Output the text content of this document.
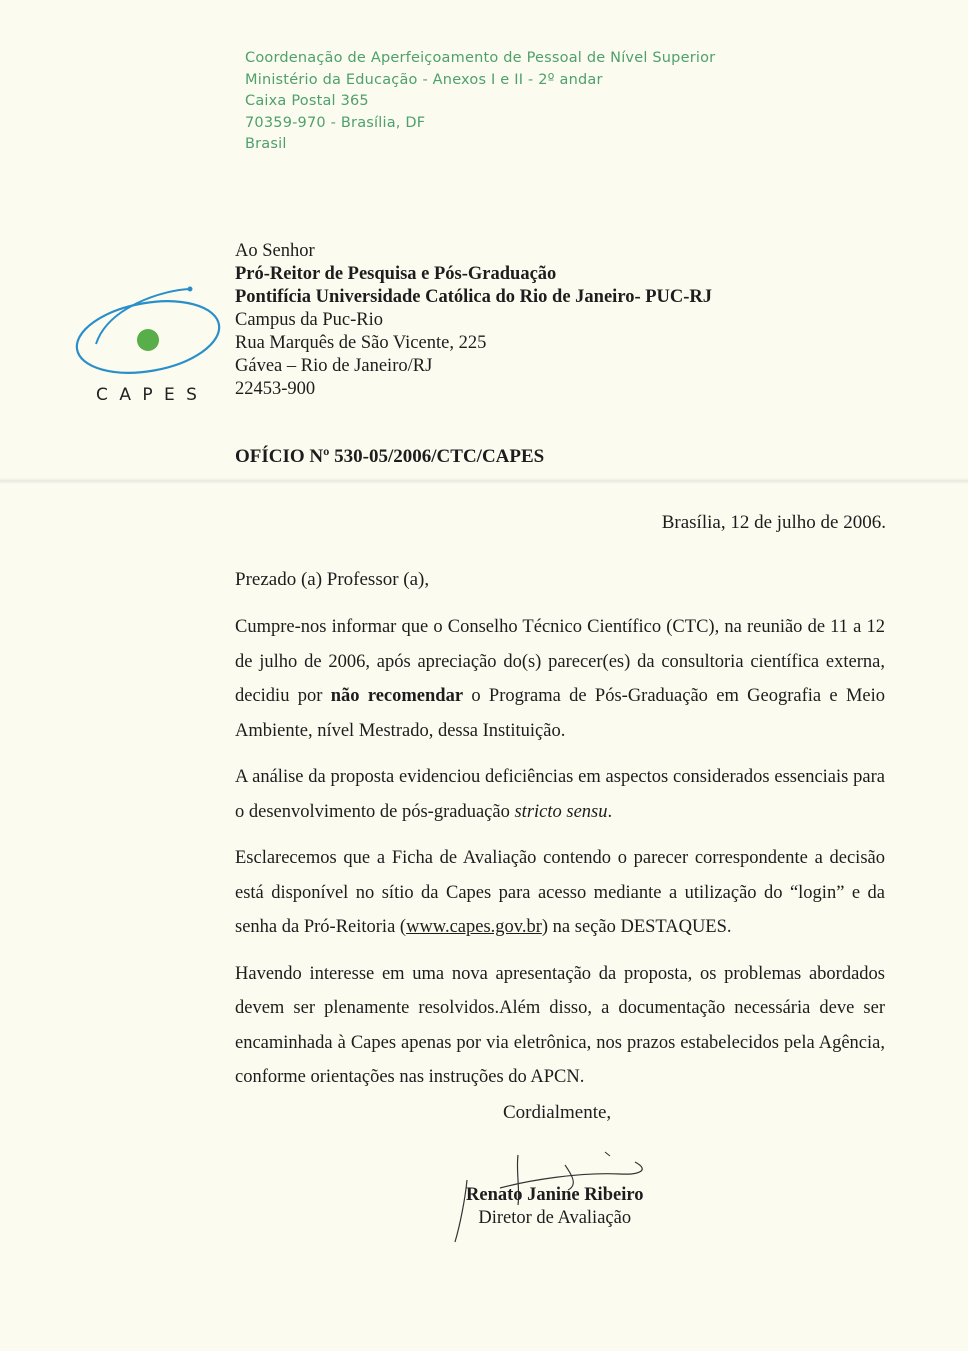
Coordenação de Aperfeiçoamento de Pessoal de Nível Superior
Ministério da Educação - Anexos I e II - 2º andar
Caixa Postal 365
70359-970 - Brasília, DF
Brasil
C A P E S
Ao Senhor
Pró-Reitor de Pesquisa e Pós-Graduação
Pontifícia Universidade Católica do Rio de Janeiro- PUC-RJ
Campus da Puc-Rio
Rua Marquês de São Vicente, 225
Gávea – Rio de Janeiro/RJ
22453-900
OFÍCIO Nº 530-05/2006/CTC/CAPES
Brasília, 12 de julho de 2006.
Prezado (a) Professor (a),

Cumpre-nos informar que o Conselho Técnico Científico (CTC), na reunião de 11 a 12 de julho de 2006, após apreciação do(s) parecer(es) da consultoria científica externa, decidiu por não recomendar o Programa de Pós-Graduação em Geografia e Meio Ambiente, nível Mestrado, dessa Instituição.

A análise da proposta evidenciou deficiências em aspectos considerados essenciais para o desenvolvimento de pós-graduação stricto sensu.

Esclarecemos que a Ficha de Avaliação contendo o parecer correspondente a decisão está disponível no sítio da Capes para acesso mediante a utilização do “login” e da senha da Pró-Reitoria (www.capes.gov.br) na seção DESTAQUES.

Havendo interesse em uma nova apresentação da proposta, os problemas abordados devem ser plenamente resolvidos.Além disso, a documentação necessária deve ser encaminhada à Capes apenas por via eletrônica, nos prazos estabelecidos pela Agência, conforme orientações nas instruções do APCN.

Cordialmente,
Renato Janine Ribeiro
Diretor de Avaliação
